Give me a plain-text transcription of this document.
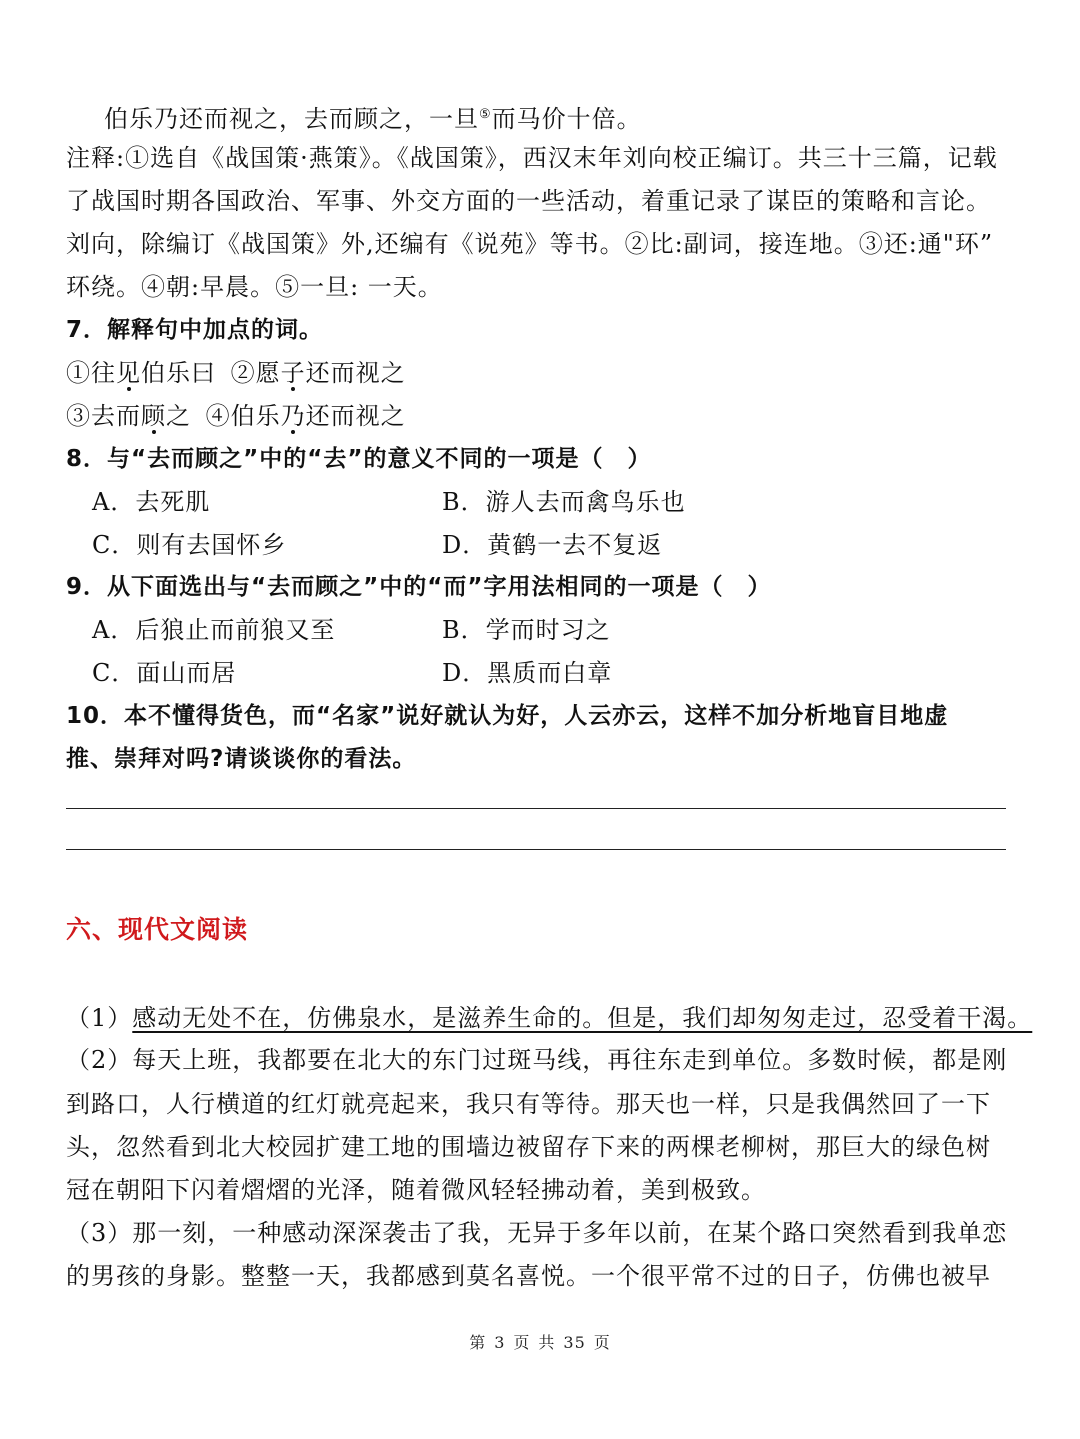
伯乐乃还而视之，去而顾之，一旦⑤而马价十倍。
注释:①选自《战国策·燕策》。《战国策》，西汉末年刘向校正编订。共三十三篇，记载
了战国时期各国政治、军事、外交方面的一些活动，着重记录了谋臣的策略和言论。
刘向，除编订《战国策》外,还编有《说苑》等书。②比:副词，接连地。③还:通"环”
环绕。④朝:早晨。⑤一旦: 一天。
7．解释句中加点的词。
①往见伯乐曰 ②愿子还而视之
③去而顾之 ④伯乐乃还而视之
8．与“去而顾之”中的“去”的意义不同的一项是（　）
A．去死肌	B．游人去而禽鸟乐也
C．则有去国怀乡	D．黄鹤一去不复返
9．从下面选出与“去而顾之”中的“而”字用法相同的一项是（　）
A．后狼止而前狼又至	B．学而时习之
C．面山而居	D．黑质而白章
10．本不懂得货色，而“名家”说好就认为好，人云亦云，这样不加分析地盲目地虚
推、崇拜对吗?请谈谈你的看法。
六、现代文阅读
（1）感动无处不在，仿佛泉水，是滋养生命的。但是，我们却匆匆走过，忍受着干渴。
（2）每天上班，我都要在北大的东门过斑马线，再往东走到单位。多数时候，都是刚
到路口，人行横道的红灯就亮起来，我只有等待。那天也一样，只是我偶然回了一下
头，忽然看到北大校园扩建工地的围墙边被留存下来的两棵老柳树，那巨大的绿色树
冠在朝阳下闪着熠熠的光泽，随着微风轻轻拂动着，美到极致。
（3）那一刻，一种感动深深袭击了我，无异于多年以前，在某个路口突然看到我单恋
的男孩的身影。整整一天，我都感到莫名喜悦。一个很平常不过的日子，仿佛也被早
第 3 页 共 35 页
